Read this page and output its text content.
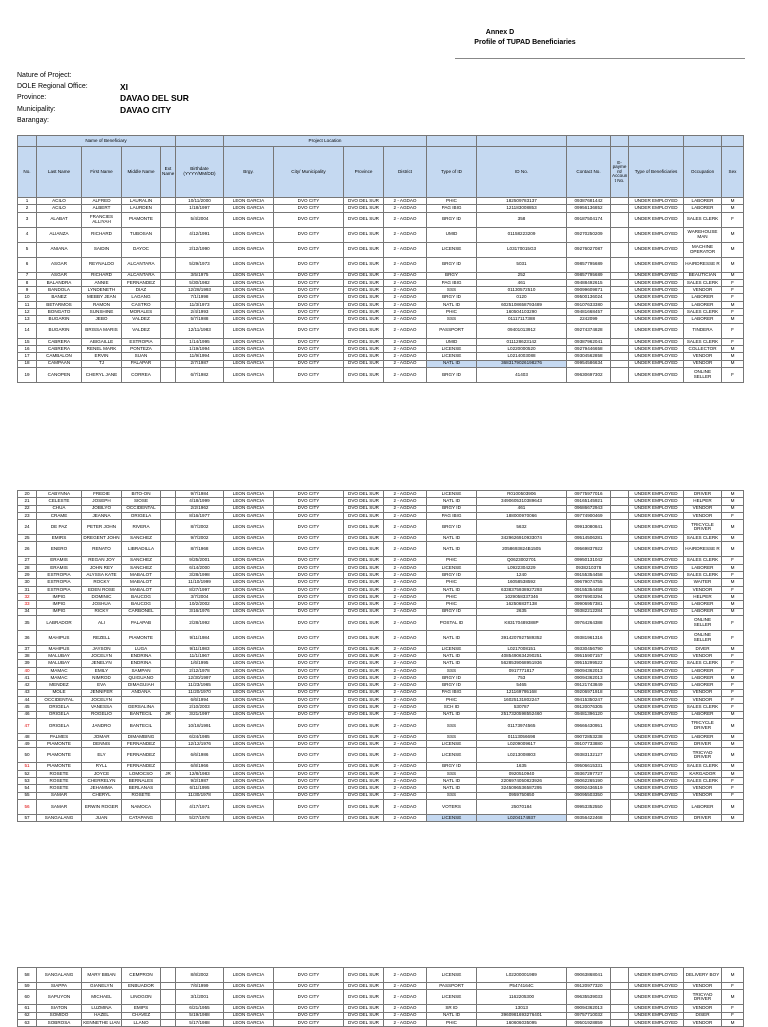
Annex D
Profile of TUPAD Beneficiaries
Nature of Project:
DOLE Regional Office:	XI
Province:	DAVAO DEL SUR
Municipality:	DAVAO CITY
Barangay:
	Name of Beneficiary					Project Location										
No.	Last Name	First Name	Middle Name	Ext Name	Birthdate (YYYY/MM/DD)	Brgy.	City/ Municipality	Province	District	Type of ID	ID No.	Contact No.	E-payme nt/ Accoun t No.	Type of Beneficiaries	Occupation	Sex
1	ACILO	ALFRED	LAURALIN		10/11/2000	LEON GARCIA	DVO CITY	DVO DEL SUR	2 - AGDAO	PHIC	182509783137	09387681442		UNDER EMPLOYED	LABORER	M
2	ACILO	ALBERT	LAURDEN		1/18/1997	LEON GARCIA	DVO CITY	DVO DEL SUR	2 - AGDAO	PAG IBIG	121183008853	09956136852		UNDER EMPLOYED	LABORER	M
3	ALABAT	FRANCIES ALLIYAH	PIAMONTE		5/4/2004	LEON GARCIA	DVO CITY	DVO DEL SUR	2 - AGDAO	BRGY ID	358	09187504174		UNDER EMPLOYED	SALES CLERK	F
4	ALIANZA	RICHARD	TUBOSAN		4/12/1991	LEON GARCIA	DVO CITY	DVO DEL SUR	2 - AGDAO	UMID	01158223209	09270250209		UNDER EMPLOYED	WAREHOUSE MAN	M
5	ANIANA	SAIDIN	DAYOC		2/12/1990	LEON GARCIA	DVO CITY	DVO DEL SUR	2 - AGDAO	LICENSE	L03170015G3	09276027087		UNDER EMPLOYED	MACHINE OPERATOR	M
6	ASGAR	REYNALDO	ALCANTARA		5/29/1973	LEON GARCIA	DVO CITY	DVO DEL SUR	2 - AGDAO	BRGY ID	5031	09857795689		UNDER EMPLOYED	HAIRDRESSE R	M
7	ASGAR	RICHARD	ALCANTARA		3/5/1975	LEON GARCIA	DVO CITY	DVO DEL SUR	2 - AGDAO	BRGY	252	09857795689		UNDER EMPLOYED	BEAUTICIAN	M
8	BALANDRA	ANNIE	FERNANDEZ		5/30/1982	LEON GARCIA	DVO CITY	DVO DEL SUR	2 - AGDAO	PAG IBIG	461	09488492615		UNDER EMPLOYED	SALES CLERK	F
9	BANDOLA	LYNDENETH	DIAZ		12/28/1993	LEON GARCIA	DVO CITY	DVO DEL SUR	2 - AGDAO	SSS	01130572510	09099609871		UNDER EMPLOYED	VENDOR	F
10	BANEZ	MEBBY JEAN	LAGANG		7/1/1998	LEON GARCIA	DVO CITY	DVO DEL SUR	2 - AGDAO	BRGY ID	0120	09500136024		UNDER EMPLOYED	LABORER	F
11	BETARMOS	RAMON	CASTRO		11/3/1973	LEON GARCIA	DVO CITY	DVO DEL SUR	2 - AGDAO	NATL ID	6025108658793489	09107633380		UNDER EMPLOYED	LABORER	M
12	BONGATO	SUNSHINE	MORALES		2/4/1993	LEON GARCIA	DVO CITY	DVO DEL SUR	2 - AGDAO	PHIC	160504103290	09481668457		UNDER EMPLOYED	SALES CLERK	F
13	BUGARIN	JEBO	VALDEZ		5/7/1988	LEON GARCIA	DVO CITY	DVO DEL SUR	2 - AGDAO	SSS	01117117388	2242099		UNDER EMPLOYED	LABORER	M
14	BUGARIN	BRISSA MARIS	VALDEZ		12/11/1983	LEON GARCIA	DVO CITY	DVO DEL SUR	2 - AGDAO	PASSPORT	09401013912	09274374828		UNDER EMPLOYED	TINDERA	F
15	CABRERA	ABIGAILLE	ESTROPIA		1/14/1995	LEON GARCIA	DVO CITY	DVO DEL SUR	2 - AGDAO	UMID	011128623142	09387962041		UNDER EMPLOYED	SALES CLERK	F
16	CABRERA	RENEL MARK	PONTEZA		1/19/1994	LEON GARCIA	DVO CITY	DVO DEL SUR	2 - AGDAO	LICENSE	L0220000520	09279446658		UNDER EMPLOYED	COLLECTOR	M
17	CAMBALON	ERVIN	SUAN		11/9/1994	LEON GARCIA	DVO CITY	DVO DEL SUR	2 - AGDAO	LICENSE	L0214003088	09304562858		UNDER EMPLOYED	VENDOR	M
18	CAMPAAN	TJ	PALAPAR		2/7/1987	LEON GARCIA	DVO CITY	DVO DEL SUR	2 - AGDAO	NATL ID	3683179026198276	09954586634		UNDER EMPLOYED	VENDOR	M
19	CANOPEN	CHERYL JANE	CORREA		6/7/1982	LEON GARCIA	DVO CITY	DVO DEL SUR	2 - AGDAO	BRGY ID	41403	09630697302		UNDER EMPLOYED	ONLINE SELLER	F
20	CABYNNA	FREDIE	BITO-ON		9/7/1984	LEON GARCIA	DVO CITY	DVO DEL SUR	2 - AGDAO	LICENSE	R0100503906	09775977016		UNDER EMPLOYED	DRIVER	M
21	CELESTE	JOSEPH	SIOSE		4/18/1999	LEON GARCIA	DVO CITY	DVO DEL SUR	2 - AGDAO	NATL ID	3490605310389643	09165145921		UNDER EMPLOYED	HELPER	M
22	CHUA	JOBILYO	OCCIDENTAL		2/2/1962	LEON GARCIA	DVO CITY	DVO DEL SUR	2 - AGDAO	BRGY ID	461	09686672943		UNDER EMPLOYED	VENDOR	M
23	CRAME	JEANNA	ORIGELA		8/16/1977	LEON GARCIA	DVO CITY	DVO DEL SUR	2 - AGDAO	PAG IBIG	188000970066	09774900469		UNDER EMPLOYED	VENDOR	F
24	DE PAZ	PETER JOHN	RIVERA		8/7/2002	LEON GARCIA	DVO CITY	DVO DEL SUR	2 - AGDAO	BRGY ID	5632	09913080841		UNDER EMPLOYED	TRICYCLE DRIVER	M
25	EMIRS	DREGENT JOHN	SANCHEZ		9/7/2002	LEON GARCIA	DVO CITY	DVO DEL SUR	2 - AGDAO	NATL ID	3429626910933074	09514506281		UNDER EMPLOYED	SALES CLERK	M
26	ENERO	RENATO	LIBRADILLA		8/7/1968	LEON GARCIA	DVO CITY	DVO DEL SUR	2 - AGDAO	NATL ID	2058693824B1505	09569837922		UNDER EMPLOYED	HAIRDRESSE R	M
27	ERAMIS	REGAN JOY	SANCHEZ		9/25/2001	LEON GARCIA	DVO CITY	DVO DEL SUR	2 - AGDAO	PHIC	Q0623002701	09950131042		UNDER EMPLOYED	SALES CLERK	F
28	ERAMIS	JOHN REY	SANCHEZ		6/14/2000	LEON GARCIA	DVO CITY	DVO DEL SUR	2 - AGDAO	LICENSE	L0922304229	0938210378		UNDER EMPLOYED	LABORER	M
29	ESTROPIA	ALYSSA KATE	MABALOT		3/28/1998	LEON GARCIA	DVO CITY	DVO DEL SUR	2 - AGDAO	BRGY ID	1240	09155354458		UNDER EMPLOYED	SALES CLERK	F
30	ESTROPIA	ROCKY	MABALOT		11/10/1999	LEON GARCIA	DVO CITY	DVO DEL SUR	2 - AGDAO	PHIC	16058538592	09679074755		UNDER EMPLOYED	WAITER	M
31	ESTROPIA	EDEN ROSE	MABALOT		8/27/1997	LEON GARCIA	DVO CITY	DVO DEL SUR	2 - AGDAO	NATL ID	6338375938927293	09155354458		UNDER EMPLOYED	VENDOR	F
32	IMPIG	DOMINIC	BAUCOG		3/7/2004	LEON GARCIA	DVO CITY	DVO DEL SUR	2 - AGDAO	PHIC	1029058337346	09076903294		UNDER EMPLOYED	HELPER	M
33	IMPIG	JOSHUA	BAUCOG		10/2/2002	LEON GARCIA	DVO CITY	DVO DEL SUR	2 - AGDAO	PHIC	16250683T138	09906957381		UNDER EMPLOYED	LABORER	M
34	IMPIG	RICKY	CARBONEL		3/16/1976	LEON GARCIA	DVO CITY	DVO DEL SUR	2 - AGDAO	BRGY ID	2635	09382212284		UNDER EMPLOYED	LABORER	M
35	LABRADOR	ALI	PALAPAB		2/28/1992	LEON GARCIA	DVO CITY	DVO DEL SUR	2 - AGDAO	POSTAL ID	K83170489388P	09764264388		UNDER EMPLOYED	ONLINE SELLER	F
36	MAHIPUS	REZELL	PIAMONTE		9/11/1984	LEON GARCIA	DVO CITY	DVO DEL SUR	2 - AGDAO	NATL ID	3914207927589352	09381961316		UNDER EMPLOYED	ONLINE SELLER	F
37	MAHIPUS	JAYSON	LUGA		9/11/1983	LEON GARCIA	DVO CITY	DVO DEL SUR	2 - AGDAO	LICENSE	L0217008151	09330456790		UNDER EMPLOYED	DIVER	M
38	MALUBAY	JOCELYN	ENDRINA		11/1/1967	LEON GARCIA	DVO CITY	DVO DEL SUR	2 - AGDAO	NATL ID	4085490634290251	09515907157		UNDER EMPLOYED	VENDOR	F
39	MALUBAY	JENELYN	ENDRINA		1/6/1995	LEON GARCIA	DVO CITY	DVO DEL SUR	2 - AGDAO	NATL ID	5628539068951936	09515299522		UNDER EMPLOYED	SALES CLERK	F
40	MAMAC	EMILY	SAMPAN		2/12/1978	LEON GARCIA	DVO CITY	DVO DEL SUR	2 - AGDAO	SSS	0917771817	09094362013		UNDER EMPLOYED	LABORER	F
41	MAMAC	NIMROD	QUIGUANO		12/30/1997	LEON GARCIA	DVO CITY	DVO DEL SUR	2 - AGDAO	BRGY ID	753	09094362013		UNDER EMPLOYED	LABORER	M
42	MENDEZ	EVA	DIMAGUIAH		11/23/1965	LEON GARCIA	DVO CITY	DVO DEL SUR	2 - AGDAO	BRGY ID	5465	09121743849		UNDER EMPLOYED	LABORER	F
43	MOLE	JENNIFER	ANDANA		11/20/1970	LEON GARCIA	DVO CITY	DVO DEL SUR	2 - AGDAO	PAG IBIG	121169795168	09206971918		UNDER EMPLOYED	VENDOR	F
44	OCCIDENTAL	JOCELYN			6/6/1994	LEON GARCIA	DVO CITY	DVO DEL SUR	2 - AGDAO	PHIC	16025131802247	09415350247		UNDER EMPLOYED	VENDOR	F
45	ORIGELA	VANESSA	GERSALINA		2/10/2003	LEON GARCIA	DVO CITY	DVO DEL SUR	2 - AGDAO	SCH ID	530787	09120076305		UNDER EMPLOYED	SALES CLERK	F
46	ORIGELA	ROGELIO	BANTECIL	JR	3/21/1997	LEON GARCIA	DVO CITY	DVO DEL SUR	2 - AGDAO	NATL ID	2517320598552460	09481396120		UNDER EMPLOYED	LABORER	M
47	ORIGELA	JANDRO	BANTECIL		10/18/1991	LEON GARCIA	DVO CITY	DVO DEL SUR	2 - AGDAO	SSS	01173974565	09666430951		UNDER EMPLOYED	TRICYCLE DRIVER	M
48	PALMES	JOMAR	DIMAMBING		6/24/1985	LEON GARCIA	DVO CITY	DVO DEL SUR	2 - AGDAO	SSS	01113056698	09072853238		UNDER EMPLOYED	LABORER	M
49	PIAMONTE	DENNIS	FERNANDEZ		12/12/1976	LEON GARCIA	DVO CITY	DVO DEL SUR	2 - AGDAO	LICENSE	L0209009617	09107733880		UNDER EMPLOYED	DRIVER	M
50	PIAMONTE	ELY	FERNANDEZ		6/6/1986	LEON GARCIA	DVO CITY	DVO DEL SUR	2 - AGDAO	LICENSE	L0213008803	09383132127		UNDER EMPLOYED	TRICYAD DRIVER	M
51	PIAMONTE	RYLL	FERNANDEZ		6/8/1966	LEON GARCIA	DVO CITY	DVO DEL SUR	2 - AGDAO	BRGY ID	1635	09506615331		UNDER EMPLOYED	SALES CLERK	M
52	ROSETE	JOYCE	LOMOCSO	JR	12/8/1983	LEON GARCIA	DVO CITY	DVO DEL SUR	2 - AGDAO	SSS	0920510940	09367297727		UNDER EMPLOYED	KARGADOR	M
53	ROSETE	CHERRELYN	BERNALES		9/2/1987	LEON GARCIA	DVO CITY	DVO DEL SUR	2 - AGDAO	NATL ID	2206974050823926	09062265190		UNDER EMPLOYED	SALES CLERK	F
54	ROSETE	JEHAMMA	BERLANAS		6/11/1995	LEON GARCIA	DVO CITY	DVO DEL SUR	2 - AGDAO	NATL ID	3245096536587295	09092436519		UNDER EMPLOYED	VENDOR	F
55	SAMAR	CHERYL	ROSETE		11/30/1978	LEON GARCIA	DVO CITY	DVO DEL SUR	2 - AGDAO	SSS	0959750850	09095503350		UNDER EMPLOYED	VENDOR	F
56	SAMAR	ERWIN ROGER	NAMOCA		4/17/1971	LEON GARCIA	DVO CITY	DVO DEL SUR	2 - AGDAO	VOTERS	25070184	09953352550		UNDER EMPLOYED	LABORER	M
57	SANGALANG	JUAN	CATAPANG		5/27/1978	LEON GARCIA	DVO CITY	DVO DEL SUR	2 - AGDAO	LICENSE	L0204174937	09356422468		UNDER EMPLOYED	DRIVER	M
58	SANGALANG	MARY BIBAN	CEMPRON		8/8/2002	LEON GARCIA	DVO CITY	DVO DEL SUR	2 - AGDAO	LICENSE	L02200001989	09063868041		UNDER EMPLOYED	DELIVERY BOY	M
59	SIAPPA	GIANELYN	ENBUADOR		7/6/1999	LEON GARCIA	DVO CITY	DVO DEL SUR	2 - AGDAO	PASSPORT	P5474164C	09120977320		UNDER EMPLOYED	VENDOR	F
60	SAPUYON	MICHAEL	LINOGON		3/1/2001	LEON GARCIA	DVO CITY	DVO DEL SUR	2 - AGDAO	LICENSE	1162205300	09635539033		UNDER EMPLOYED	TRICYAD DRIVER	M
61	SIATON	LUZMINA	EMIPS		6/21/1955	LEON GARCIA	DVO CITY	DVO DEL SUR	2 - AGDAO	SR ID	13013	09094362013		UNDER EMPLOYED	VENDOR	F
62	SOMIDO	HAZEL	CHAVEZ		5/19/1988	LEON GARCIA	DVO CITY	DVO DEL SUR	2 - AGDAO	NATL ID	3960981693276401	09757710032		UNDER EMPLOYED	DISER	F
63	SOBROSA	KENNETHE LIAN	LLANO		5/17/1988	LEON GARCIA	DVO CITY	DVO DEL SUR	2 - AGDAO	PHIC	160606035095	09501928859		UNDER EMPLOYED	VENDOR	M
